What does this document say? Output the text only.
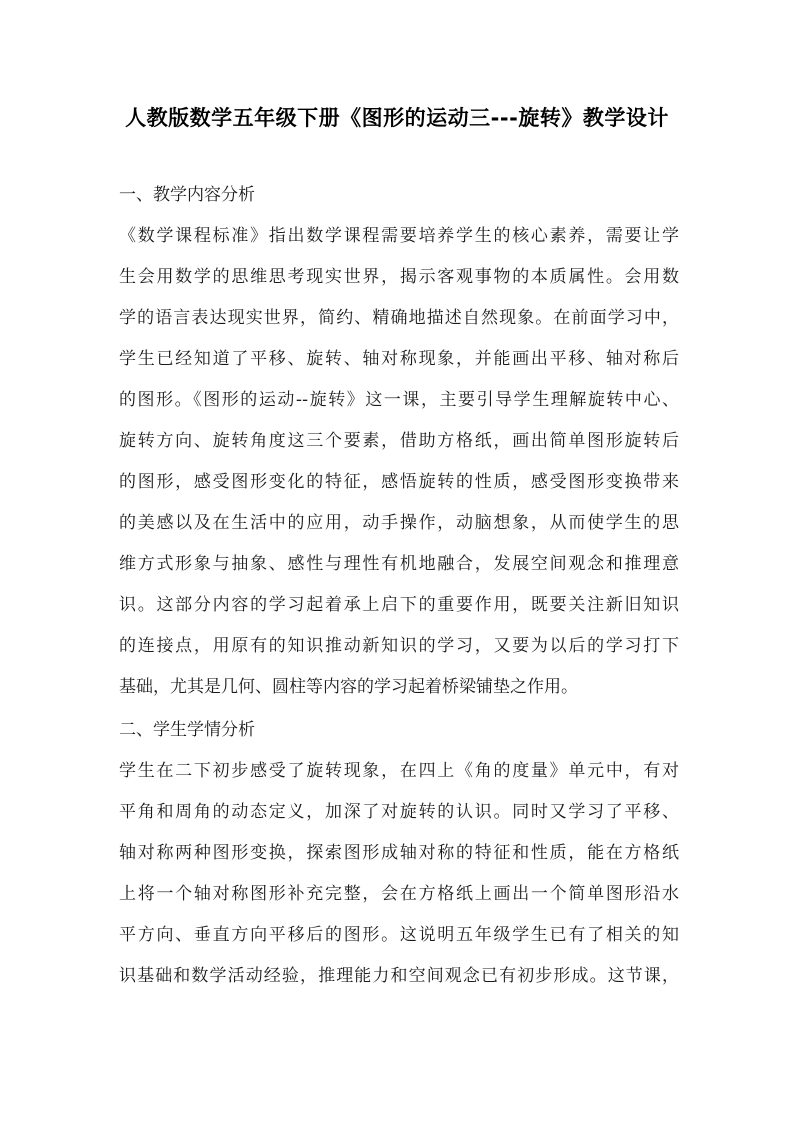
人教版数学五年级下册《图形的运动三---旋转》教学设计
一、教学内容分析
《数学课程标准》指出数学课程需要培养学生的核心素养，需要让学
生会用数学的思维思考现实世界，揭示客观事物的本质属性。会用数
学的语言表达现实世界，简约、精确地描述自然现象。在前面学习中，
学生已经知道了平移、旋转、轴对称现象，并能画出平移、轴对称后
的图形。《图形的运动--旋转》这一课，主要引导学生理解旋转中心、
旋转方向、旋转角度这三个要素，借助方格纸，画出简单图形旋转后
的图形，感受图形变化的特征，感悟旋转的性质，感受图形变换带来
的美感以及在生活中的应用，动手操作，动脑想象，从而使学生的思
维方式形象与抽象、感性与理性有机地融合，发展空间观念和推理意
识。这部分内容的学习起着承上启下的重要作用，既要关注新旧知识
的连接点，用原有的知识推动新知识的学习，又要为以后的学习打下
基础，尤其是几何、圆柱等内容的学习起着桥梁铺垫之作用。
二、学生学情分析
学生在二下初步感受了旋转现象，在四上《角的度量》单元中，有对
平角和周角的动态定义，加深了对旋转的认识。同时又学习了平移、
轴对称两种图形变换，探索图形成轴对称的特征和性质，能在方格纸
上将一个轴对称图形补充完整，会在方格纸上画出一个简单图形沿水
平方向、垂直方向平移后的图形。这说明五年级学生已有了相关的知
识基础和数学活动经验，推理能力和空间观念已有初步形成。这节课，
